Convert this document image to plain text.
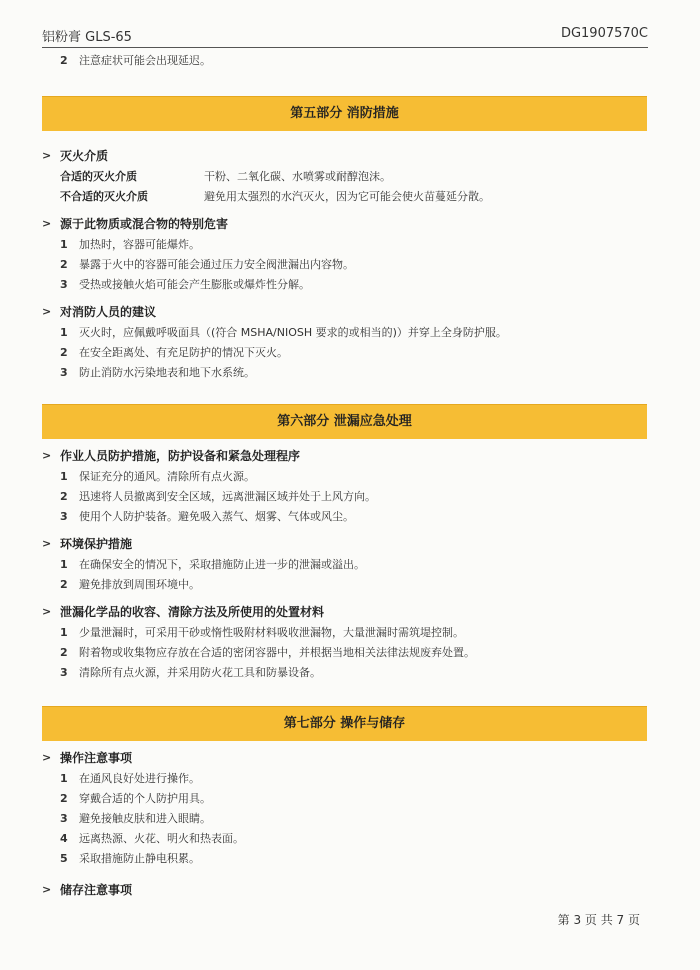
铝粉膏 GLS-65	DG1907570C
2	注意症状可能会出现延迟。
第五部分 消防措施
> 灭火介质
合适的灭火介质	干粉、二氧化碳、水喷雾或耐醇泡沫。
不合适的灭火介质	避免用太强烈的水汽灭火，因为它可能会使火苗蔓延分散。
> 源于此物质或混合物的特别危害
1	加热时，容器可能爆炸。
2	暴露于火中的容器可能会通过压力安全阀泄漏出内容物。
3	受热或接触火焰可能会产生膨胀或爆炸性分解。
> 对消防人员的建议
1	灭火时，应佩戴呼吸面具（(符合 MSHA/NIOSH 要求的或相当的)）并穿上全身防护服。
2	在安全距离处、有充足防护的情况下灭火。
3	防止消防水污染地表和地下水系统。
第六部分 泄漏应急处理
> 作业人员防护措施，防护设备和紧急处理程序
1	保证充分的通风。清除所有点火源。
2	迅速将人员撤离到安全区域，远离泄漏区域并处于上风方向。
3	使用个人防护装备。避免吸入蒸气、烟雾、气体或风尘。
> 环境保护措施
1	在确保安全的情况下，采取措施防止进一步的泄漏或溢出。
2	避免排放到周围环境中。
> 泄漏化学品的收容、清除方法及所使用的处置材料
1	少量泄漏时，可采用干砂或惰性吸附材料吸收泄漏物，大量泄漏时需筑堤控制。
2	附着物或收集物应存放在合适的密闭容器中，并根据当地相关法律法规废弃处置。
3	清除所有点火源，并采用防火花工具和防暴设备。
第七部分 操作与储存
> 操作注意事项
1	在通风良好处进行操作。
2	穿戴合适的个人防护用具。
3	避免接触皮肤和进入眼睛。
4	远离热源、火花、明火和热表面。
5	采取措施防止静电积累。
> 储存注意事项
第 3 页 共 7 页
